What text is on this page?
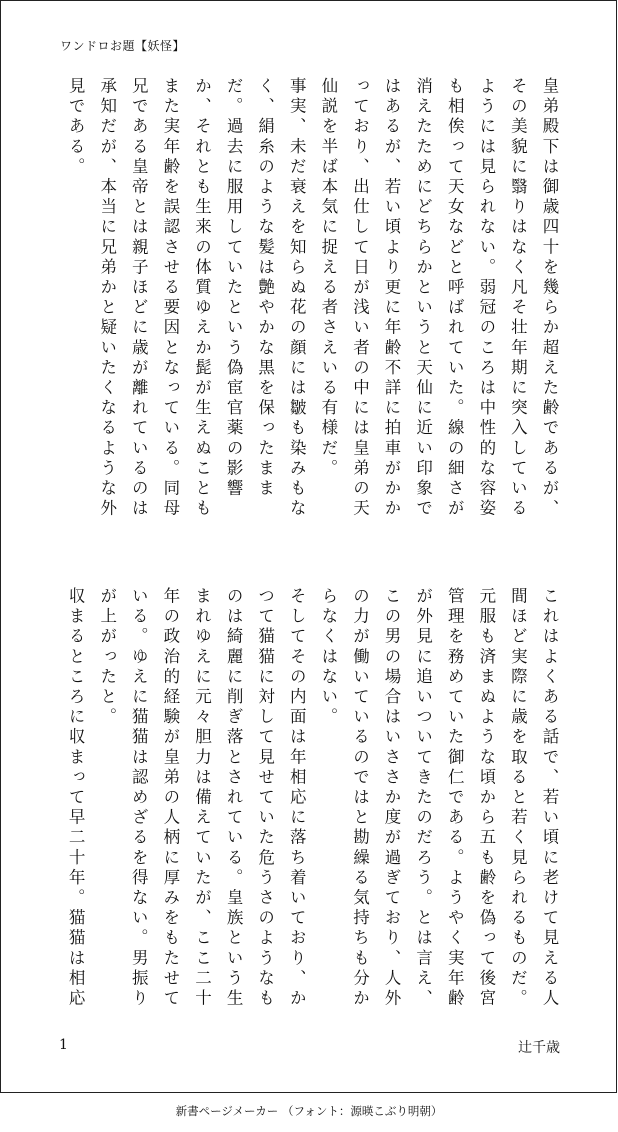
ワンドロお題【妖怪】

皇弟殿下は御歳四十を幾らか超えた齢であるが、その美貌に翳りはなく凡そ壮年期に突入しているようには見られない。弱冠のころは中性的な容姿も相俟って天女などと呼ばれていた。線の細さが消えたためにどちらかというと天仙に近い印象ではあるが、若い頃より更に年齢不詳に拍車がかかっており、出仕して日が浅い者の中には皇弟の天仙説を半ば本気に捉える者さえいる有様だ。

事実、未だ衰えを知らぬ花の顔には皺も染みもなく、絹糸のような髪は艶やかな黒を保ったままだ。過去に服用していたという偽宦官薬の影響か、それとも生来の体質ゆえか髭が生えぬこともまた実年齢を誤認させる要因となっている。同母兄である皇帝とは親子ほどに歳が離れているのは承知だが、本当に兄弟かと疑いたくなるような外見である。

これはよくある話で、若い頃に老けて見える人間ほど実際に歳を取ると若く見られるものだ。

元服も済まぬような頃から五も齢を偽って後宮管理を務めていた御仁である。ようやく実年齢が外見に追いついてきたのだろう。とは言え、この男の場合はいささか度が過ぎており、人外の力が働いているのではと勘繰る気持ちも分からなくはない。

そしてその内面は年相応に落ち着いており、かつて猫猫に対して見せていた危うさのようなものは綺麗に削ぎ落とされている。皇族という生まれゆえに元々胆力は備えていたが、ここ二十年の政治的経験が皇弟の人柄に厚みをもたせている。ゆえに猫猫は認めざるを得ない。男振りが上がったと。

収まるところに収まって早二十年。猫猫は相応

1	辻千歳
新書ページメーカー （フォント：源暎こぶり明朝）
